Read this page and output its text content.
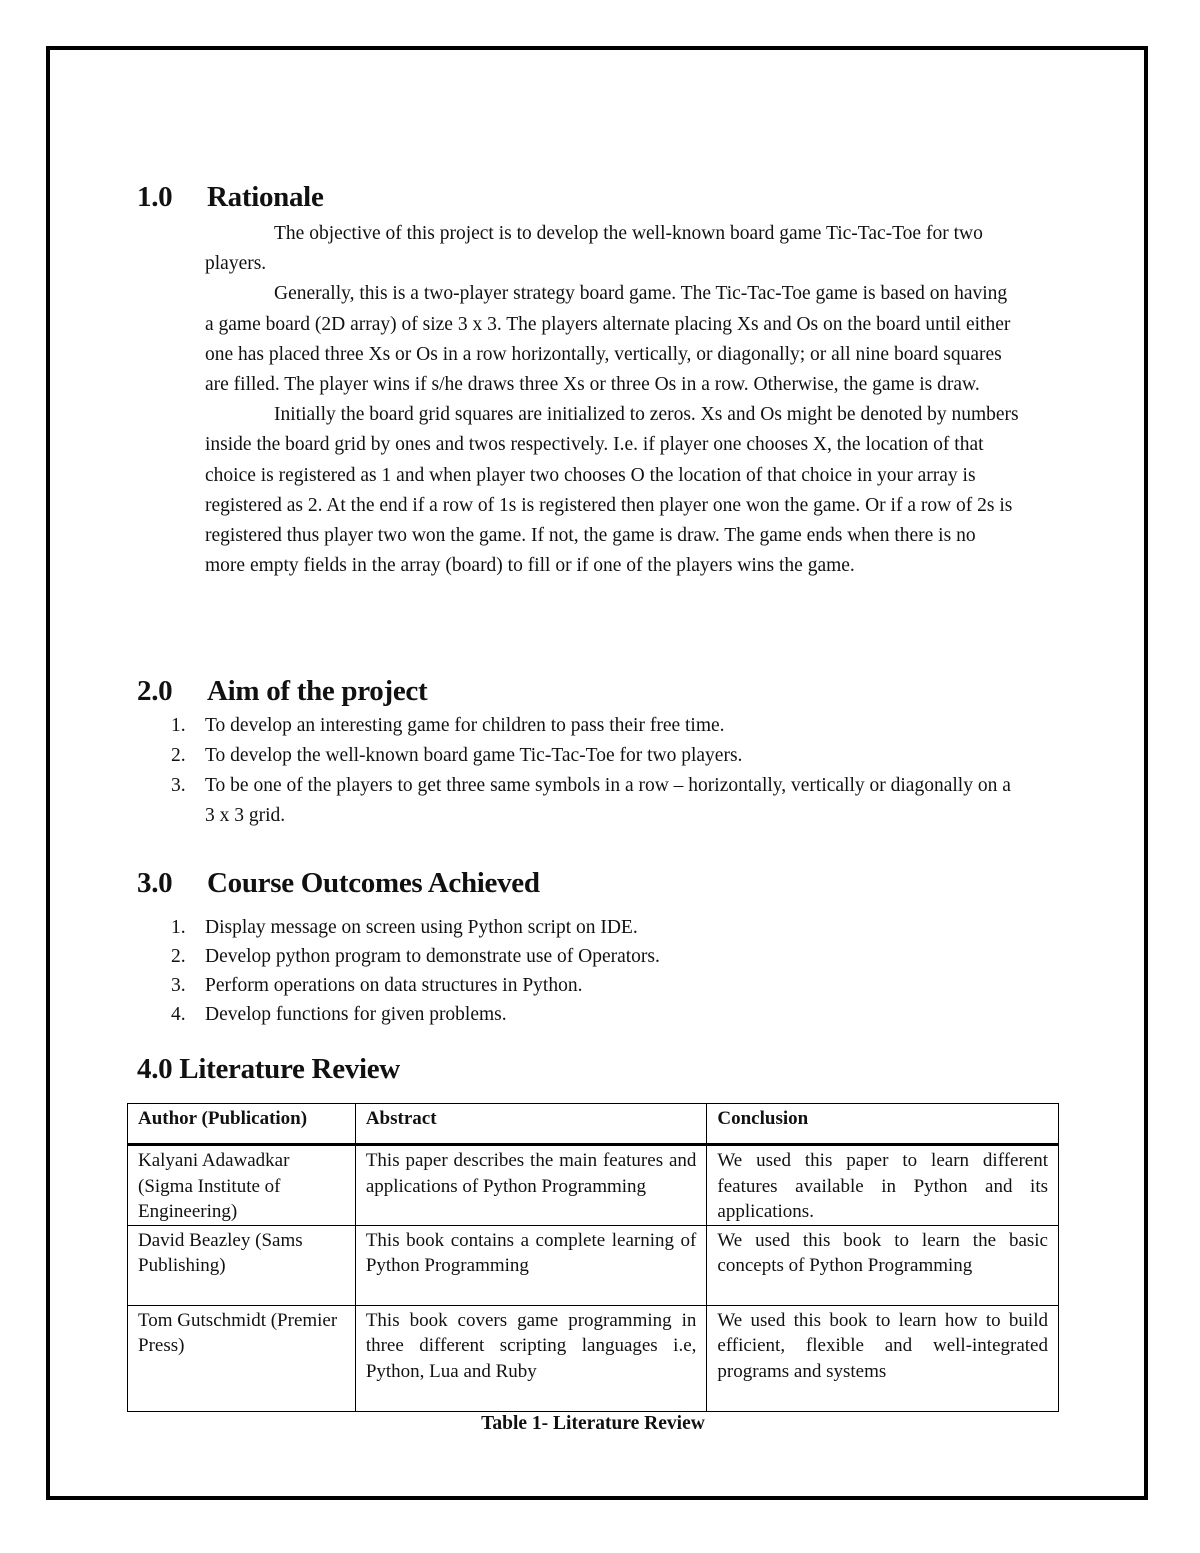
1.0 Rationale

The objective of this project is to develop the well-known board game Tic-Tac-Toe for two players.

Generally, this is a two-player strategy board game. The Tic-Tac-Toe game is based on having a game board (2D array) of size 3 x 3. The players alternate placing Xs and Os on the board until either one has placed three Xs or Os in a row horizontally, vertically, or diagonally; or all nine board squares are filled. The player wins if s/he draws three Xs or three Os in a row. Otherwise, the game is draw.

Initially the board grid squares are initialized to zeros. Xs and Os might be denoted by numbers inside the board grid by ones and twos respectively. I.e. if player one chooses X, the location of that choice is registered as 1 and when player two chooses O the location of that choice in your array is registered as 2. At the end if a row of 1s is registered then player one won the game. Or if a row of 2s is registered thus player two won the game. If not, the game is draw. The game ends when there is no more empty fields in the array (board) to fill or if one of the players wins the game.

2.0 Aim of the project
1. To develop an interesting game for children to pass their free time.
2. To develop the well-known board game Tic-Tac-Toe for two players.
3. To be one of the players to get three same symbols in a row – horizontally, vertically or diagonally on a 3 x 3 grid.
3.0 Course Outcomes Achieved
1. Display message on screen using Python script on IDE.
2. Develop python program to demonstrate use of Operators.
3. Perform operations on data structures in Python.
4. Develop functions for given problems.
4.0 Literature Review
Author (Publication)	Abstract	Conclusion
Kalyani Adawadkar (Sigma Institute of Engineering)	This paper describes the main features and applications of Python Programming	We used this paper to learn different features available in Python and its applications.
David Beazley (Sams Publishing)	This book contains a complete learning of Python Programming	We used this book to learn the basic concepts of Python Programming
Tom Gutschmidt (Premier Press)	This book covers game programming in three different scripting languages i.e, Python, Lua and Ruby	We used this book to learn how to build efficient, flexible and well-integrated programs and systems
Table 1- Literature Review
